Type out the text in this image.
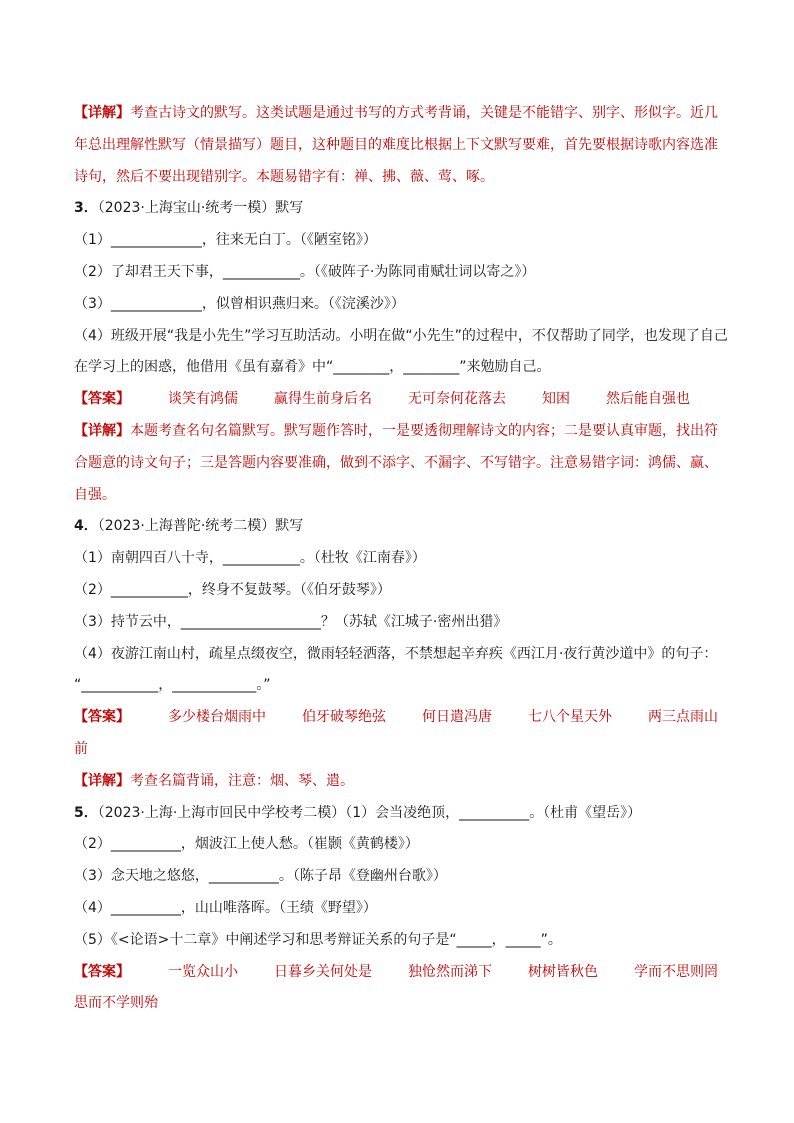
【详解】考查古诗文的默写。这类试题是通过书写的方式考背诵，关键是不能错字、别字、形似字。近几
年总出理解性默写（情景描写）题目，这种题目的难度比根据上下文默写要难，首先要根据诗歌内容选准
诗句，然后不要出现错别字。本题易错字有：禅、拂、薇、莺、啄。
3．（2023·上海宝山·统考一模）默写
（1）_____________，往来无白丁。（《陋室铭》）
（2）了却君王天下事，___________。（《破阵子·为陈同甫赋壮词以寄之》）
（3）_____________，似曾相识燕归来。（《浣溪沙》）
（4）班级开展“我是小先生”学习互助活动。小明在做“小先生”的过程中，不仅帮助了同学，也发现了自己
在学习上的困惑，他借用《虽有嘉肴》中“________，________”来勉励自己。
【答案】	谈笑有鸿儒	赢得生前身后名	无可奈何花落去	知困	然后能自强也
【详解】本题考查名句名篇默写。默写题作答时，一是要透彻理解诗文的内容；二是要认真审题，找出符
合题意的诗文句子；三是答题内容要准确，做到不添字、不漏字、不写错字。注意易错字词：鸿儒、赢、
自强。
4．（2023·上海普陀·统考二模）默写
（1）南朝四百八十寺，___________。（杜牧《江南春》）
（2）___________，终身不复鼓琴。（《伯牙鼓琴》）
（3）持节云中，____________________？（苏轼《江城子·密州出猎》
（4）夜游江南山村，疏星点缀夜空，微雨轻轻洒落，不禁想起辛弃疾《西江月·夜行黄沙道中》的句子：
“___________，____________。”
【答案】	多少楼台烟雨中	伯牙破琴绝弦	何日遣冯唐	七八个星天外	两三点雨山
前
【详解】考查名篇背诵，注意：烟、琴、遣。
5．（2023·上海·上海市回民中学校考二模）（1）会当凌绝顶，__________。（杜甫《望岳》）
（2）__________，烟波江上使人愁。（崔颢《黄鹤楼》）
（3）念天地之悠悠，__________。（陈子昂《登幽州台歌》）
（4）__________，山山唯落晖。（王绩《野望》）
（5）《<论语>十二章》中阐述学习和思考辩证关系的句子是“_____，_____”。
【答案】	一览众山小	日暮乡关何处是	独怆然而涕下	树树皆秋色	学而不思则罔
思而不学则殆
